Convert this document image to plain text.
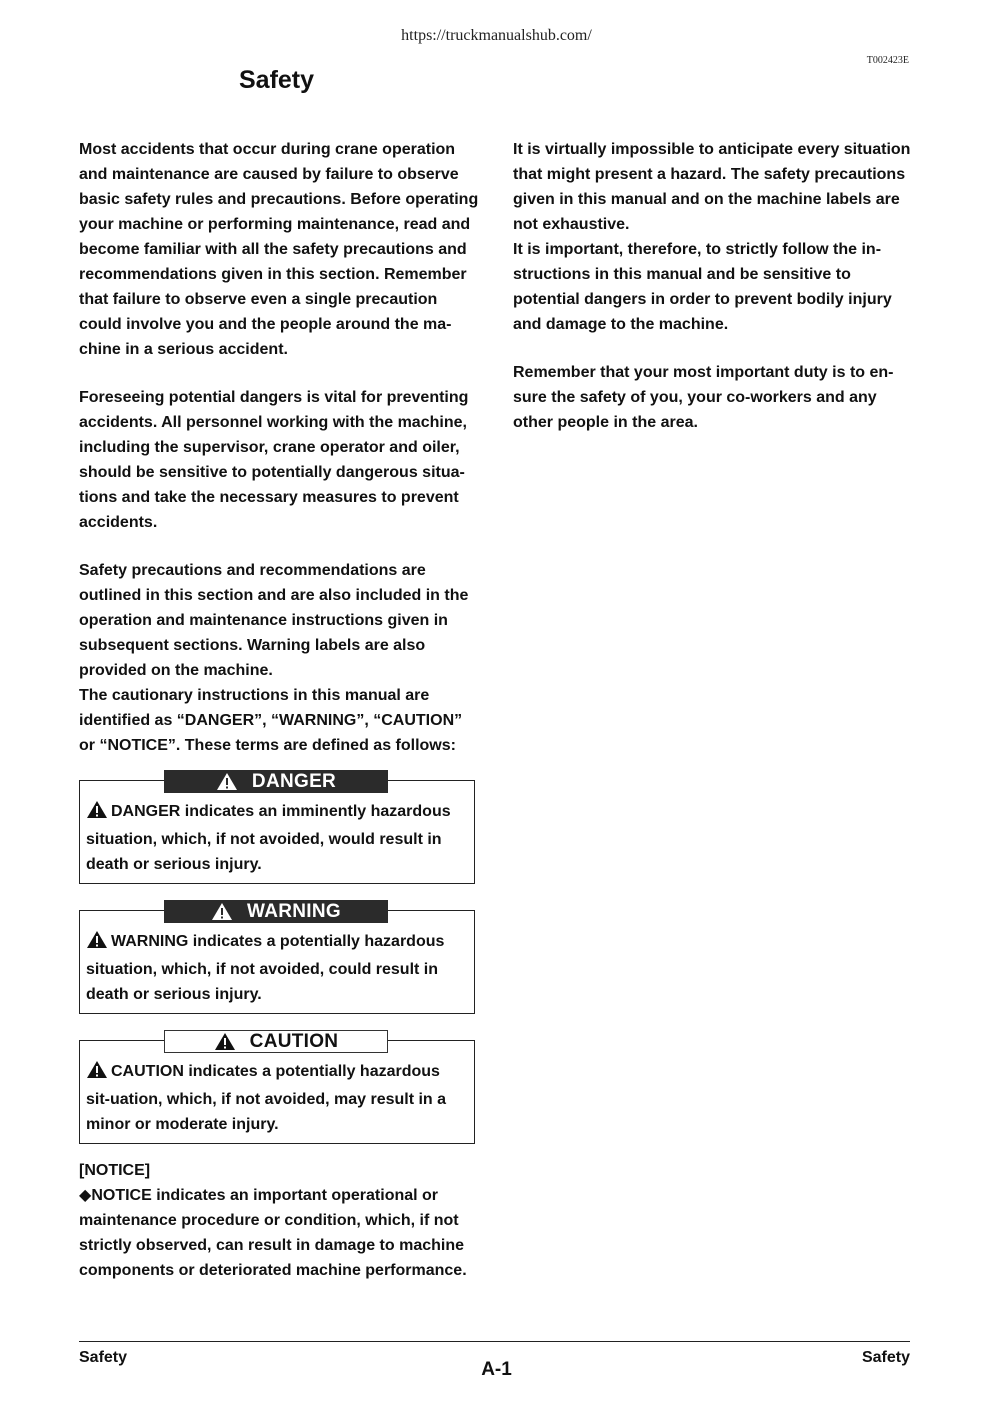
https://truckmanualshub.com/
T002423E
Safety

Most accidents that occur during crane operation and maintenance are caused by failure to observe basic safety rules and precautions. Before operating your machine or performing maintenance, read and become familiar with all the safety precautions and recommendations given in this section. Remember that failure to observe even a single precaution could involve you and the people around the ma-chine in a serious accident.

Foreseeing potential dangers is vital for preventing accidents. All personnel working with the machine, including the supervisor, crane operator and oiler, should be sensitive to potentially dangerous situa-tions and take the necessary measures to prevent accidents.

Safety precautions and recommendations are outlined in this section and are also included in the operation and maintenance instructions given in subsequent sections. Warning labels are also provided on the machine.

The cautionary instructions in this manual are identified as “DANGER”, “WARNING”, “CAUTION” or “NOTICE”. These terms are defined as follows:

DANGER

DANGER indicates an imminently hazardous situation, which, if not avoided, would result in death or serious injury.

WARNING

WARNING indicates a potentially hazardous situation, which, if not avoided, could result in death or serious injury.

CAUTION

CAUTION indicates a potentially hazardous sit-uation, which, if not avoided, may result in a minor or moderate injury.

[NOTICE]

◆NOTICE indicates an important operational or maintenance procedure or condition, which, if not strictly observed, can result in damage to machine components or deteriorated machine performance.

It is virtually impossible to anticipate every situation that might present a hazard. The safety precautions given in this manual and on the machine labels are not exhaustive.

It is important, therefore, to strictly follow the in-structions in this manual and be sensitive to potential dangers in order to prevent bodily injury and damage to the machine.

Remember that your most important duty is to en-sure the safety of you, your co-workers and any other people in the area.

Safety	Safety
A-1
